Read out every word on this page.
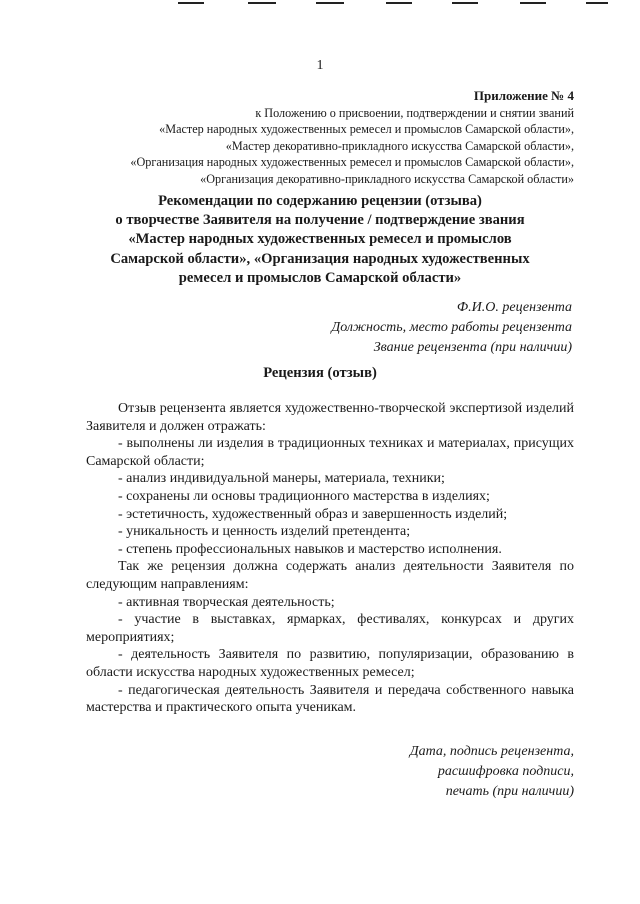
1
Приложение № 4
к Положению о присвоении, подтверждении и снятии званий
«Мастер народных художественных ремесел и промыслов Самарской области»,
«Мастер декоративно-прикладного искусства Самарской области»,
«Организация народных художественных ремесел и промыслов Самарской области»,
«Организация декоративно-прикладного искусства Самарской области»
Рекомендации по содержанию рецензии (отзыва)
о творчестве Заявителя на получение / подтверждение звания
«Мастер народных художественных ремесел и промыслов
Самарской области», «Организация народных художественных
ремесел и промыслов Самарской области»
Ф.И.О. рецензента
Должность, место работы рецензента
Звание рецензента (при наличии)
Рецензия (отзыв)

Отзыв рецензента является художественно-творческой экспертизой изделий Заявителя и должен отражать:

- выполнены ли изделия в традиционных техниках и материалах, присущих Самарской области;

- анализ индивидуальной манеры, материала, техники;

- сохранены ли основы традиционного мастерства в изделиях;

- эстетичность, художественный образ и завершенность изделий;

- уникальность и ценность изделий претендента;

- степень профессиональных навыков и мастерство исполнения.

Так же рецензия должна содержать анализ деятельности Заявителя по следующим направлениям:

- активная творческая деятельность;

- участие в выставках, ярмарках, фестивалях, конкурсах и других мероприятиях;

- деятельность Заявителя по развитию, популяризации, образованию в области искусства народных художественных ремесел;

- педагогическая деятельность Заявителя и передача собственного навыка мастерства и практического опыта ученикам.

Дата, подпись рецензента,
расшифровка подписи,
печать (при наличии)
